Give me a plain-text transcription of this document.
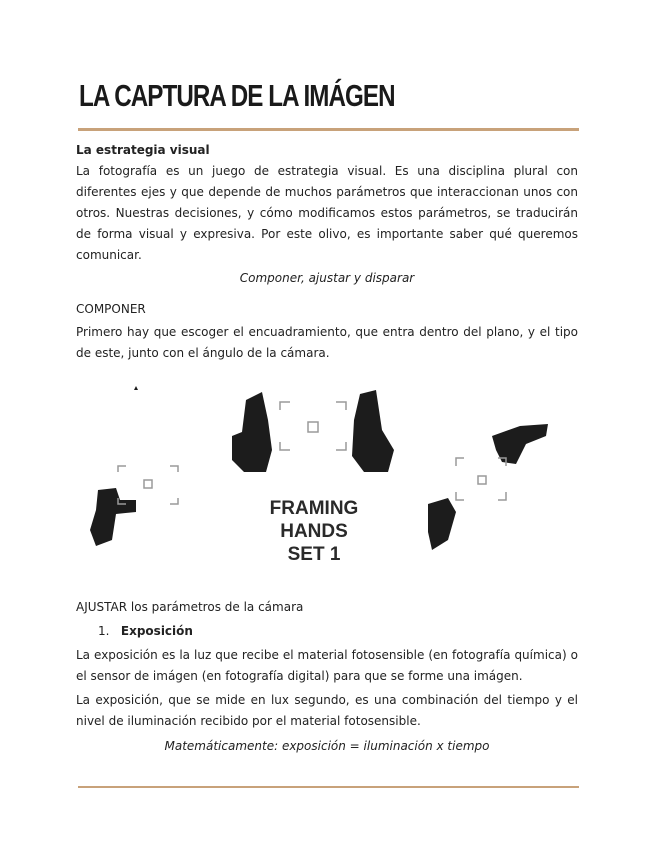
LA CAPTURA DE LA IMÁGEN

La estrategia visual

La fotografía es un juego de estrategia visual. Es una disciplina plural con diferentes ejes y que depende de muchos parámetros que interaccionan unos con otros. Nuestras decisiones, y cómo modificamos estos parámetros, se traducirán de forma visual y expresiva. Por este olivo, es importante saber qué queremos comunicar.

Componer, ajustar y disparar

COMPONER

Primero hay que escoger el encuadramiento, que entra dentro del plano, y el tipo de este, junto con el ángulo de la cámara.

FRAMING
HANDS
SET 1

AJUSTAR los parámetros de la cámara

1. Exposición

La exposición es la luz que recibe el material fotosensible (en fotografía química) o el sensor de imágen (en fotografía digital) para que se forme una imágen.

La exposición, que se mide en lux segundo, es una combinación del tiempo y el nivel de iluminación recibido por el material fotosensible.

Matemáticamente: exposición = iluminación x tiempo
